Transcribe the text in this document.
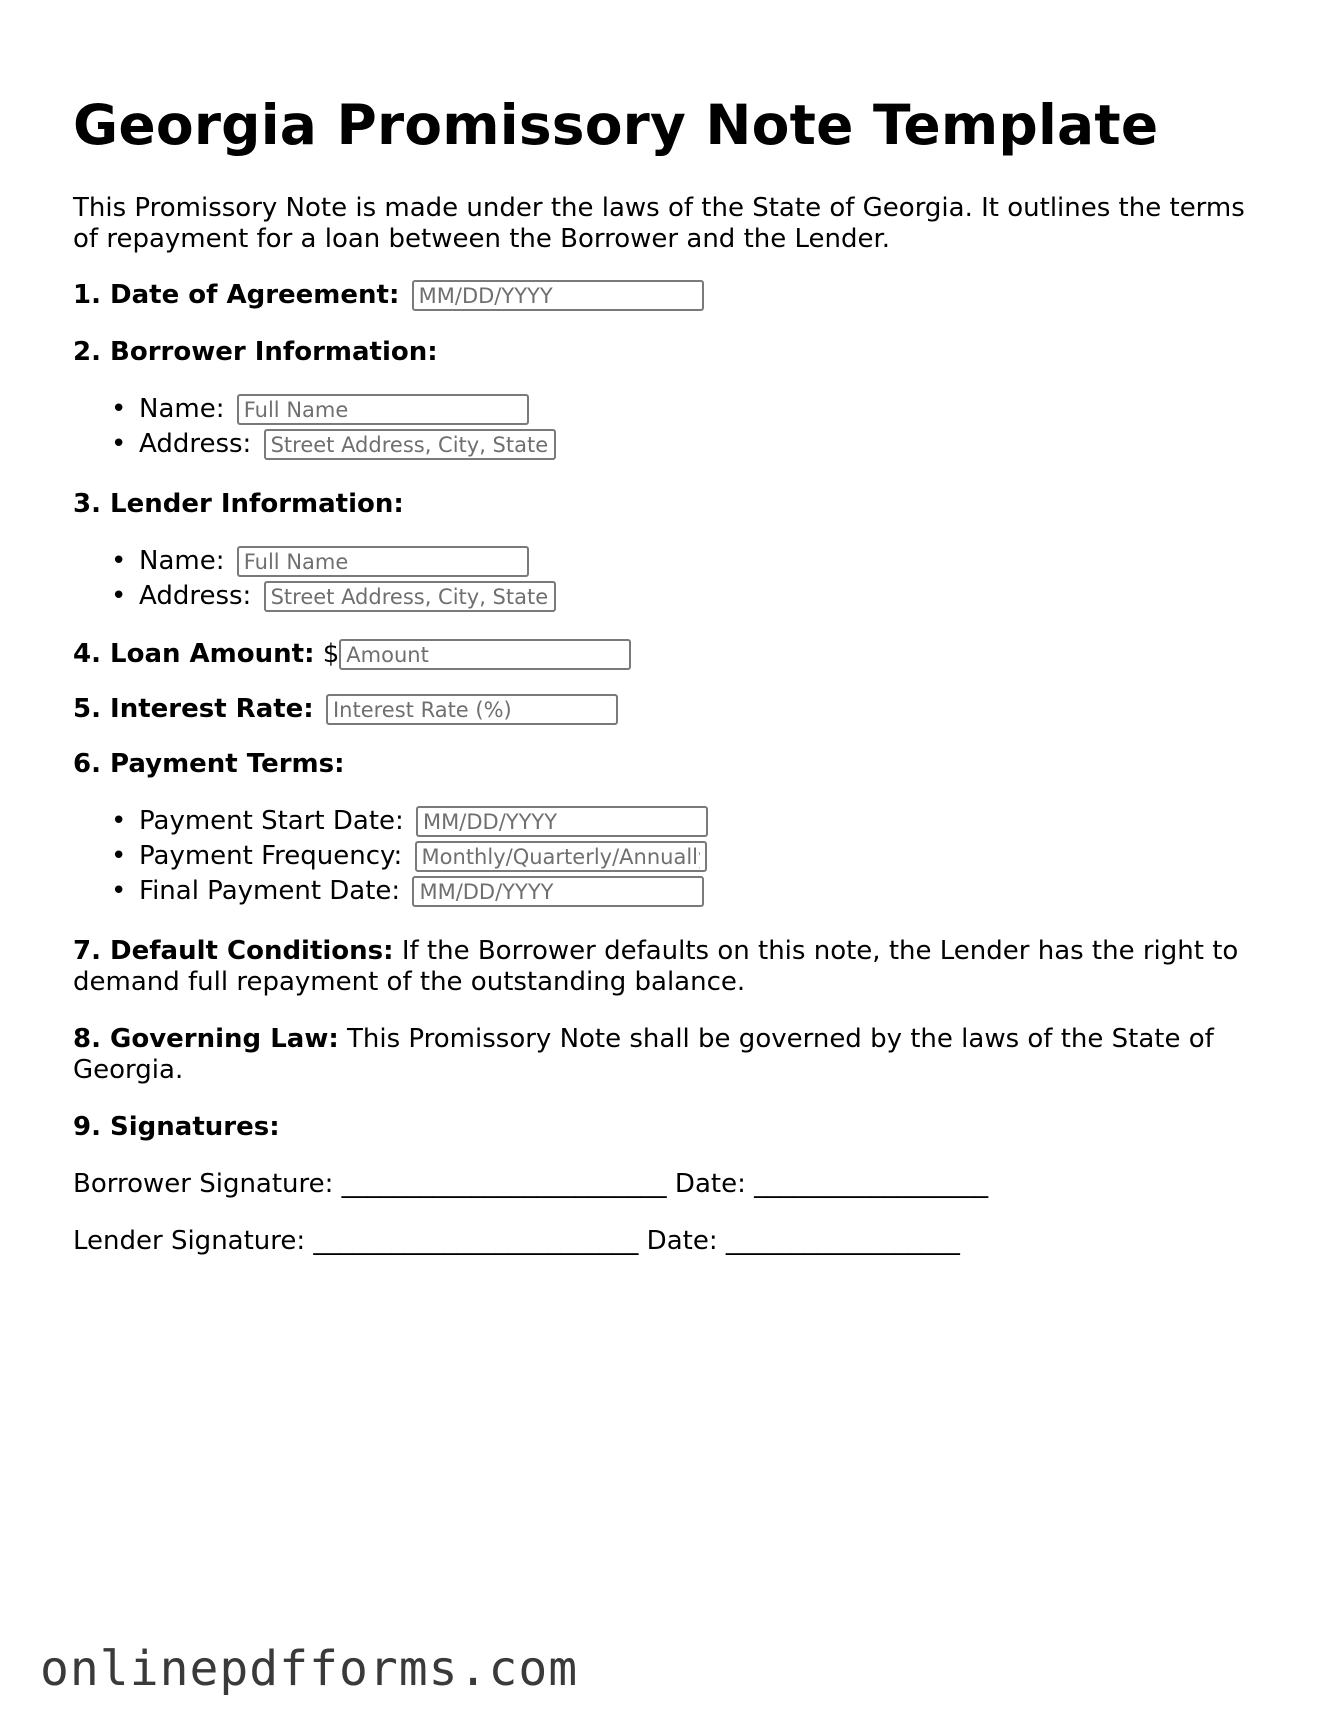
Georgia Promissory Note Template

This Promissory Note is made under the laws of the State of Georgia. It outlines the terms of repayment for a loan between the Borrower and the Lender.

1. Date of Agreement: MM/DD/YYYY

2. Borrower Information:

• Name: Full Name
• Address: Street Address, City, State

3. Lender Information:

• Name: Full Name
• Address: Street Address, City, State

4. Loan Amount: $Amount

5. Interest Rate: Interest Rate (%)

6. Payment Terms:

• Payment Start Date: MM/DD/YYYY
• Payment Frequency: Monthly/Quarterly/Annually
• Final Payment Date: MM/DD/YYYY

7. Default Conditions: If the Borrower defaults on this note, the Lender has the right to demand full repayment of the outstanding balance.

8. Governing Law: This Promissory Note shall be governed by the laws of the State of Georgia.

9. Signatures:

Borrower Signature: _________________________ Date: __________________

Lender Signature: _________________________ Date: __________________

onlinepdfforms.com
